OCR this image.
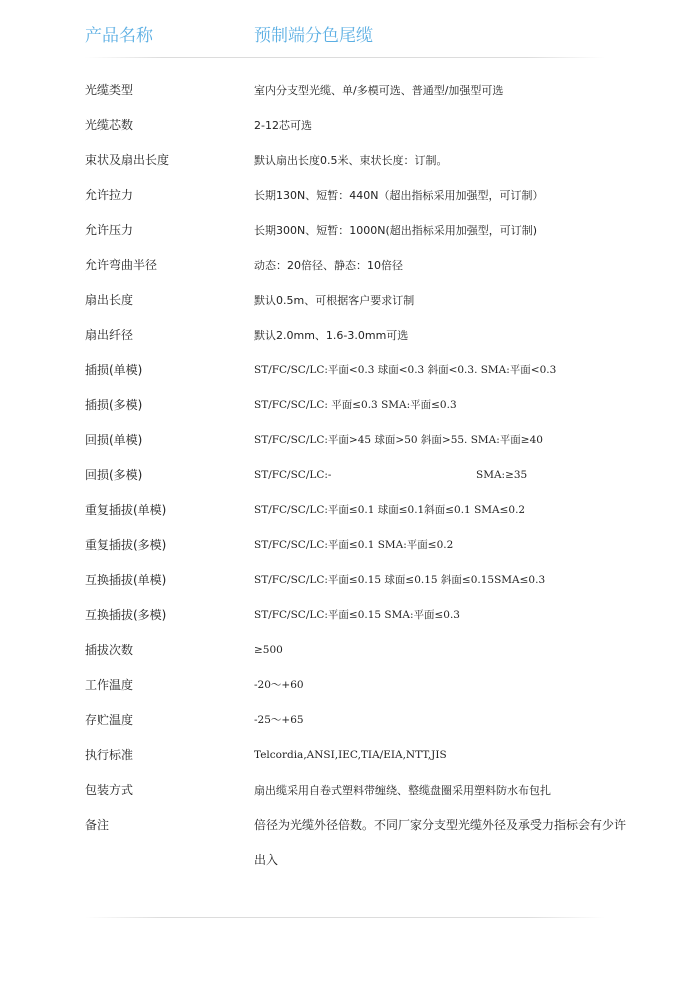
产品名称	预制端分色尾缆
光缆类型	室内分支型光缆、单/多模可选、普通型/加强型可选
光缆芯数	2-12芯可选
束状及扇出长度	默认扇出长度0.5米、束状长度：订制。
允许拉力	长期130N、短暂：440N（超出指标采用加强型，可订制）
允许压力	长期300N、短暂：1000N(超出指标采用加强型，可订制)
允许弯曲半径	动态：20倍径、静态：10倍径
扇出长度	默认0.5m、可根据客户要求订制
扇出纤径	默认2.0mm、1.6-3.0mm可选
插损(单模)	ST/FC/SC/LC:平面<0.3 球面<0.3 斜面<0.3. SMA:平面<0.3
插损(多模)	ST/FC/SC/LC: 平面≤0.3 SMA:平面≤0.3
回损(单模)	ST/FC/SC/LC:平面>45 球面>50 斜面>55. SMA:平面≥40
回损(多模)	ST/FC/SC/LC:-	SMA:≥35
重复插拔(单模)	ST/FC/SC/LC:平面≤0.1 球面≤0.1斜面≤0.1 SMA≤0.2
重复插拔(多模)	ST/FC/SC/LC:平面≤0.1 SMA:平面≤0.2
互换插拔(单模)	ST/FC/SC/LC:平面≤0.15 球面≤0.15 斜面≤0.15SMA≤0.3
互换插拔(多模)	ST/FC/SC/LC:平面≤0.15 SMA:平面≤0.3
插拔次数	≥500
工作温度	-20～+60
存贮温度	-25～+65
执行标准	Telcordia,ANSI,IEC,TIA/EIA,NTT,JIS
包装方式	扇出缆采用自卷式塑料带缠绕、整缆盘圈采用塑料防水布包扎
备注	倍径为光缆外径倍数。不同厂家分支型光缆外径及承受力指标会有少许出入
